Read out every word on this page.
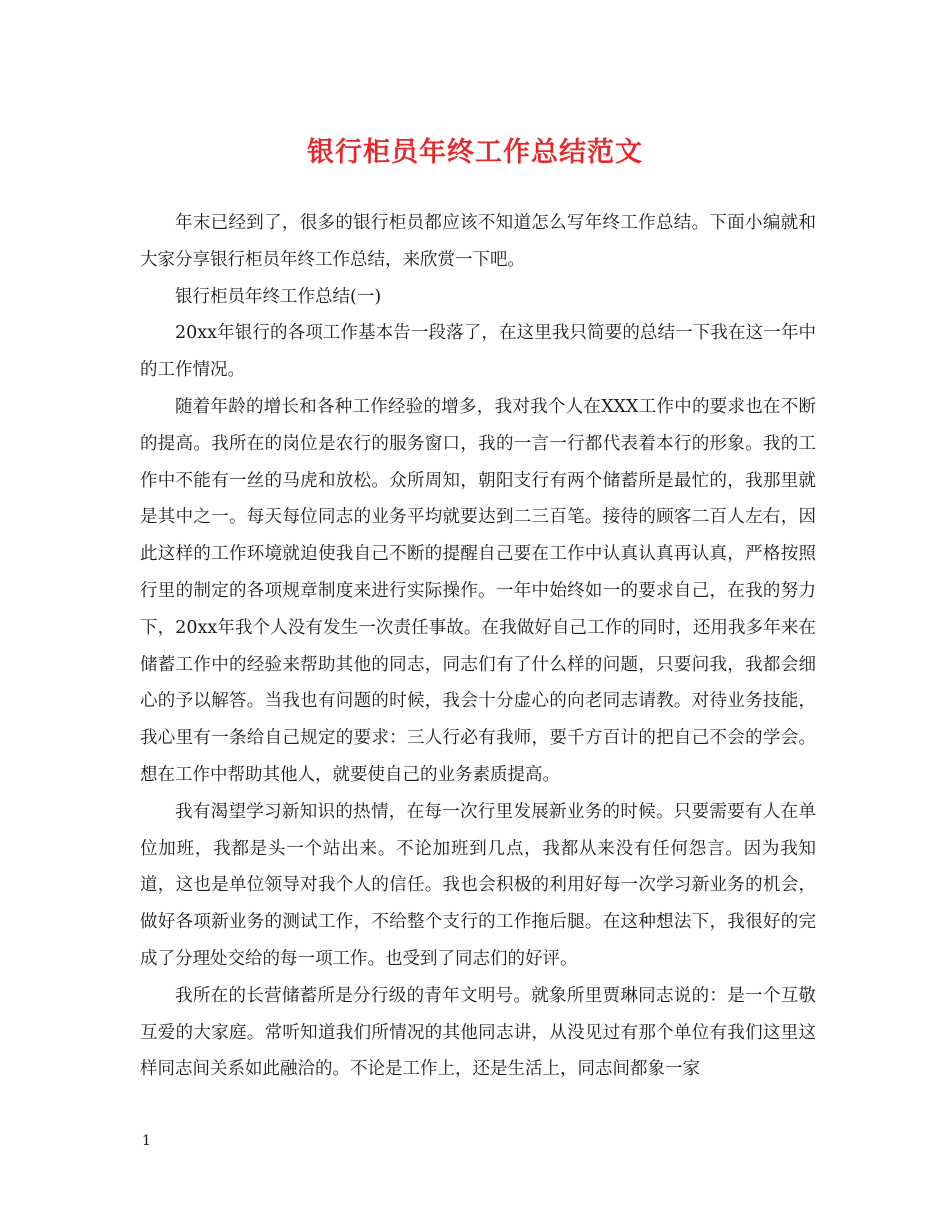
银行柜员年终工作总结范文

年末已经到了，很多的银行柜员都应该不知道怎么写年终工作总结。下面小编就和大家分享银行柜员年终工作总结，来欣赏一下吧。

银行柜员年终工作总结(一)

20xx年银行的各项工作基本告一段落了，在这里我只简要的总结一下我在这一年中的工作情况。

随着年龄的增长和各种工作经验的增多，我对我个人在XXX工作中的要求也在不断的提高。我所在的岗位是农行的服务窗口，我的一言一行都代表着本行的形象。我的工作中不能有一丝的马虎和放松。众所周知，朝阳支行有两个储蓄所是最忙的，我那里就是其中之一。每天每位同志的业务平均就要达到二三百笔。接待的顾客二百人左右，因此这样的工作环境就迫使我自己不断的提醒自己要在工作中认真认真再认真，严格按照行里的制定的各项规章制度来进行实际操作。一年中始终如一的要求自己，在我的努力下，20xx年我个人没有发生一次责任事故。在我做好自己工作的同时，还用我多年来在储蓄工作中的经验来帮助其他的同志，同志们有了什么样的问题，只要问我，我都会细心的予以解答。当我也有问题的时候，我会十分虚心的向老同志请教。对待业务技能，我心里有一条给自己规定的要求：三人行必有我师，要千方百计的把自己不会的学会。想在工作中帮助其他人，就要使自己的业务素质提高。

我有渴望学习新知识的热情，在每一次行里发展新业务的时候。只要需要有人在单位加班，我都是头一个站出来。不论加班到几点，我都从来没有任何怨言。因为我知道，这也是单位领导对我个人的信任。我也会积极的利用好每一次学习新业务的机会，做好各项新业务的测试工作，不给整个支行的工作拖后腿。在这种想法下，我很好的完成了分理处交给的每一项工作。也受到了同志们的好评。

我所在的长营储蓄所是分行级的青年文明号。就象所里贾琳同志说的：是一个互敬互爱的大家庭。常听知道我们所情况的其他同志讲，从没见过有那个单位有我们这里这样同志间关系如此融洽的。不论是工作上，还是生活上，同志间都象一家

1
